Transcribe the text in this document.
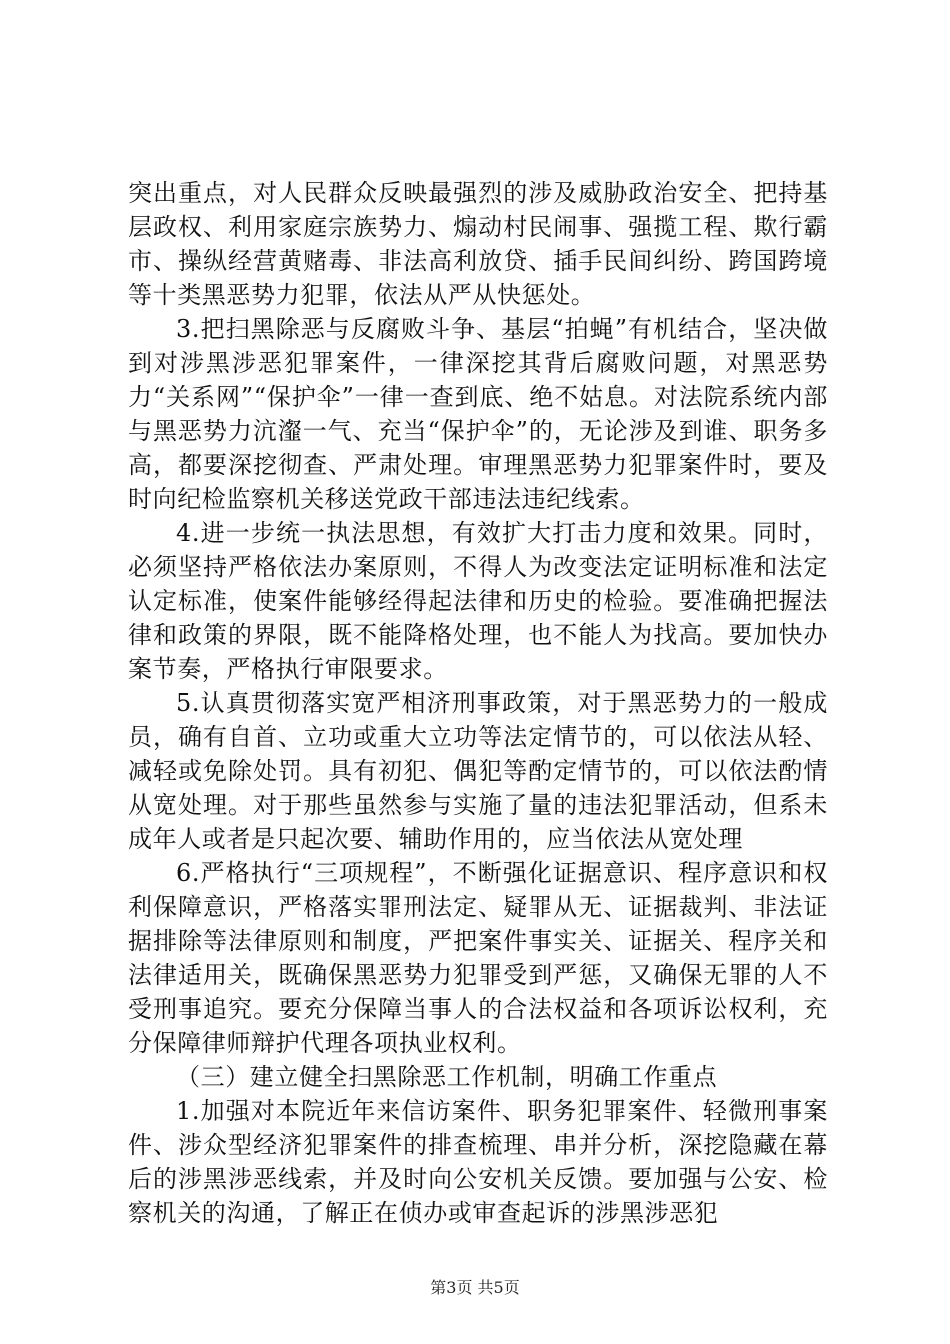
突出重点，对人民群众反映最强烈的涉及威胁政治安全、把持基层政权、利用家庭宗族势力、煽动村民闹事、强揽工程、欺行霸市、操纵经营黄赌毒、非法高利放贷、插手民间纠纷、跨国跨境等十类黑恶势力犯罪，依法从严从快惩处。

3.把扫黑除恶与反腐败斗争、基层“拍蝇”有机结合，坚决做到对涉黑涉恶犯罪案件，一律深挖其背后腐败问题，对黑恶势力“关系网”“保护伞”一律一查到底、绝不姑息。对法院系统内部与黑恶势力沆瀣一气、充当“保护伞”的，无论涉及到谁、职务多高，都要深挖彻查、严肃处理。审理黑恶势力犯罪案件时，要及时向纪检监察机关移送党政干部违法违纪线索。

4.进一步统一执法思想，有效扩大打击力度和效果。同时，必须坚持严格依法办案原则，不得人为改变法定证明标准和法定认定标准，使案件能够经得起法律和历史的检验。要准确把握法律和政策的界限，既不能降格处理，也不能人为找高。要加快办案节奏，严格执行审限要求。

5.认真贯彻落实宽严相济刑事政策，对于黑恶势力的一般成员，确有自首、立功或重大立功等法定情节的，可以依法从轻、减轻或免除处罚。具有初犯、偶犯等酌定情节的，可以依法酌情从宽处理。对于那些虽然参与实施了量的违法犯罪活动，但系未成年人或者是只起次要、辅助作用的，应当依法从宽处理

6.严格执行“三项规程”，不断强化证据意识、程序意识和权利保障意识，严格落实罪刑法定、疑罪从无、证据裁判、非法证据排除等法律原则和制度，严把案件事实关、证据关、程序关和法律适用关，既确保黑恶势力犯罪受到严惩，又确保无罪的人不受刑事追究。要充分保障当事人的合法权益和各项诉讼权利，充分保障律师辩护代理各项执业权利。

（三）建立健全扫黑除恶工作机制，明确工作重点

1.加强对本院近年来信访案件、职务犯罪案件、轻微刑事案件、涉众型经济犯罪案件的排查梳理、串并分析，深挖隐藏在幕后的涉黑涉恶线索，并及时向公安机关反馈。要加强与公安、检察机关的沟通，了解正在侦办或审查起诉的涉黑涉恶犯

第3页 共5页
